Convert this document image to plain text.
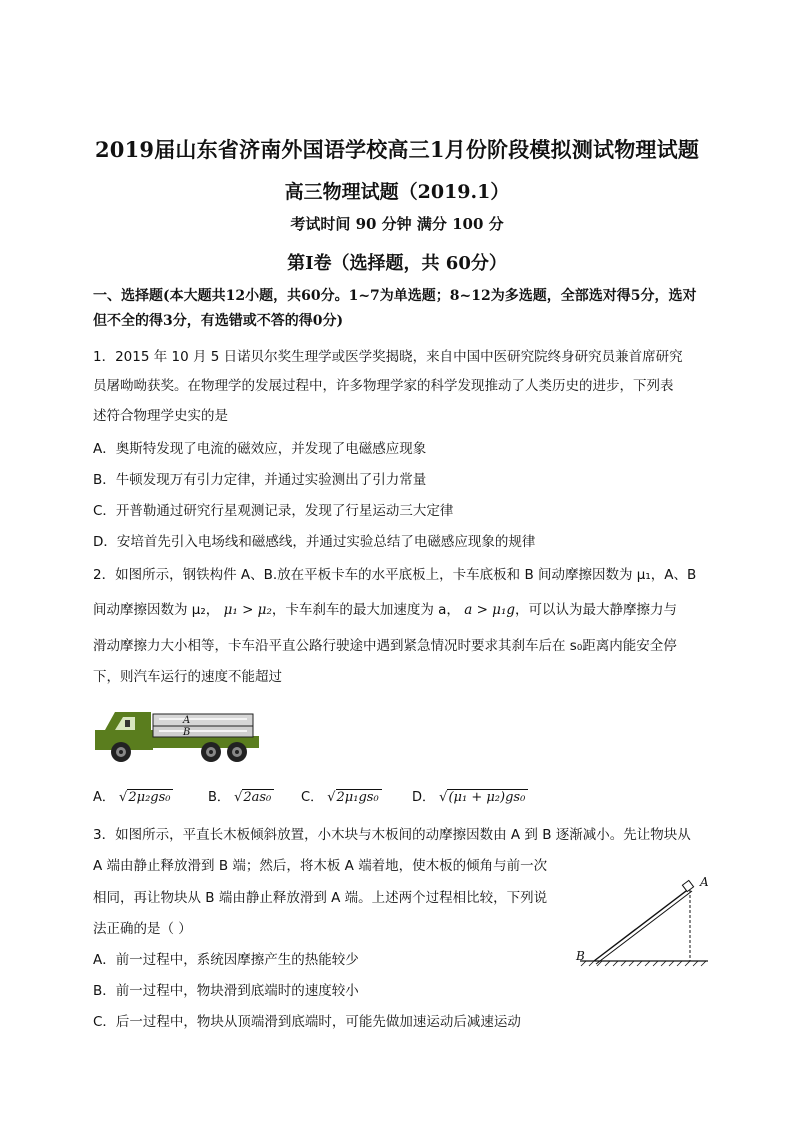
2019届山东省济南外国语学校高三1月份阶段模拟测试物理试题
高三物理试题（2019.1）
考试时间 90 分钟 满分 100 分
第Ⅰ卷（选择题，共 60分）
一、选择题(本大题共12小题，共60分。1~7为单选题；8~12为多选题，全部选对得5分，选对
但不全的得3分，有选错或不答的得0分)
1．2015 年 10 月 5 日诺贝尔奖生理学或医学奖揭晓，来自中国中医研究院终身研究员兼首席研究
员屠呦呦获奖。在物理学的发展过程中，许多物理学家的科学发现推动了人类历史的进步，下列表
述符合物理学史实的是
A．奥斯特发现了电流的磁效应，并发现了电磁感应现象
B．牛顿发现万有引力定律，并通过实验测出了引力常量
C．开普勒通过研究行星观测记录，发现了行星运动三大定律
D．安培首先引入电场线和磁感线，并通过实验总结了电磁感应现象的规律
2．如图所示，钢铁构件 A、B.放在平板卡车的水平底板上，卡车底板和 B 间动摩擦因数为 μ₁，A、B
间动摩擦因数为 μ₂， μ₁ > μ₂，卡车刹车的最大加速度为 a， a > μ₁g，可以认为最大静摩擦力与
滑动摩擦力大小相等，卡车沿平直公路行驶途中遇到紧急情况时要求其刹车后在 s₀距离内能安全停
下，则汽车运行的速度不能超过
A
B
A． √2μ₂gs₀	B． √2as₀ C． √2μ₁gs₀	D． √(μ₁ + μ₂)gs₀
3．如图所示，平直长木板倾斜放置，小木块与木板间的动摩擦因数由 A 到 B 逐渐减小。先让物块从
A 端由静止释放滑到 B 端；然后，将木板 A 端着地，使木板的倾角与前一次
相同，再让物块从 B 端由静止释放滑到 A 端。上述两个过程相比较，下列说
法正确的是（ ）
A．前一过程中，系统因摩擦产生的热能较少
B．前一过程中，物块滑到底端时的速度较小
C．后一过程中，物块从顶端滑到底端时，可能先做加速运动后减速运动
A
B
